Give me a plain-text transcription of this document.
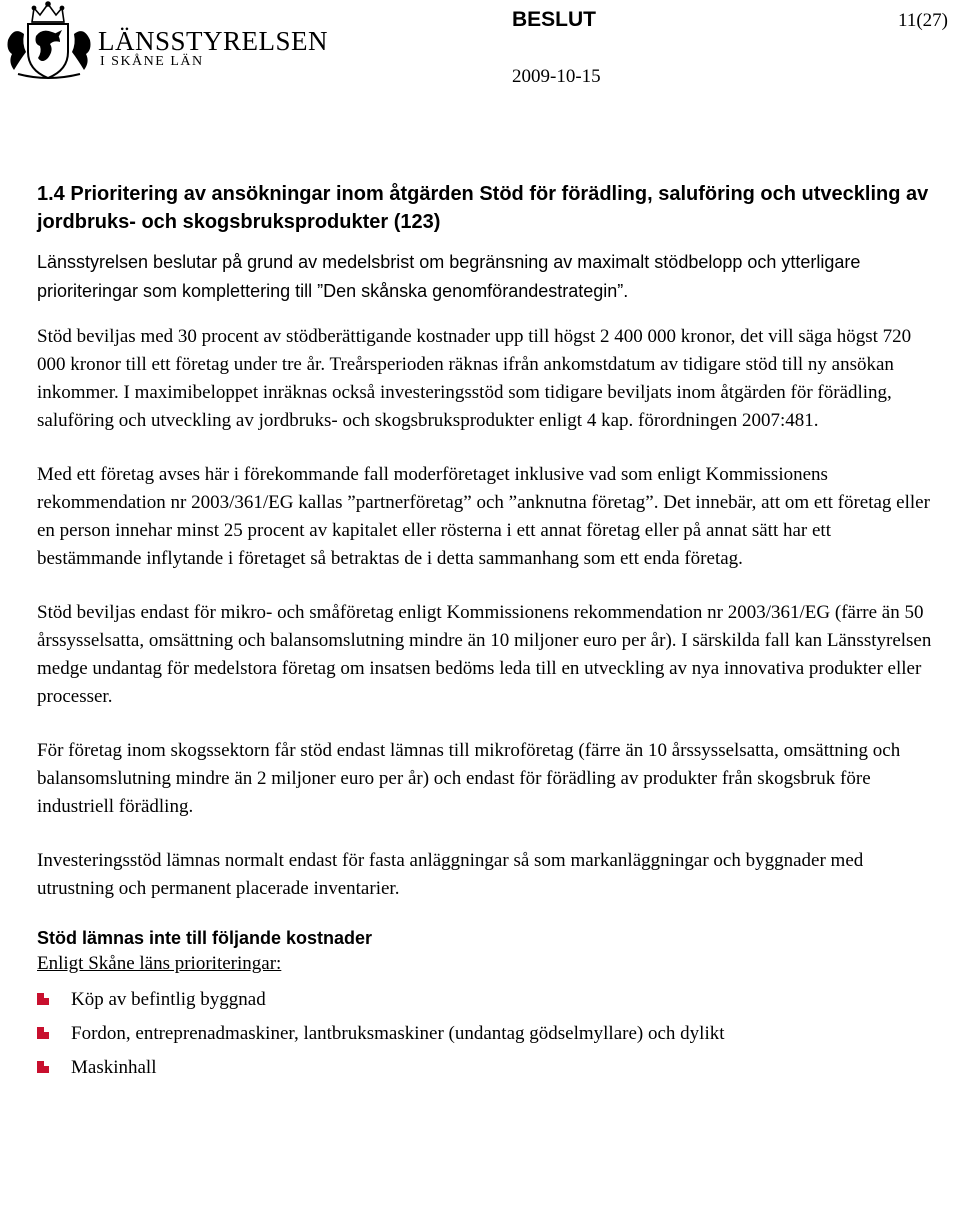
LÄNSSTYRELSEN
I SKÅNE LÄN
BESLUT	11(27)
2009-10-15
1.4 Prioritering av ansökningar inom åtgärden Stöd för förädling, saluföring och utveckling av jordbruks- och skogsbruksprodukter (123)

Länsstyrelsen beslutar på grund av medelsbrist om begränsning av maximalt stödbelopp och ytterligare prioriteringar som komplettering till ”Den skånska genomförandestrategin”.

Stöd beviljas med 30 procent av stödberättigande kostnader upp till högst 2 400 000 kronor, det vill säga högst 720 000 kronor till ett företag under tre år. Treårsperioden räknas ifrån ankomstdatum av tidigare stöd till ny ansökan inkommer. I maximibeloppet inräknas också investeringsstöd som tidigare beviljats inom åtgärden för förädling, saluföring och utveckling av jordbruks- och skogsbruksprodukter enligt 4 kap. förordningen 2007:481.

Med ett företag avses här i förekommande fall moderföretaget inklusive vad som enligt Kommissionens rekommendation nr 2003/361/EG kallas ”partnerföretag” och ”anknutna företag”. Det innebär, att om ett företag eller en person innehar minst 25 procent av kapitalet eller rösterna i ett annat företag eller på annat sätt har ett bestämmande inflytande i företaget så betraktas de i detta sammanhang som ett enda företag.

Stöd beviljas endast för mikro- och småföretag enligt Kommissionens rekommendation nr 2003/361/EG (färre än 50 årssysselsatta, omsättning och balansomslutning mindre än 10 miljoner euro per år). I särskilda fall kan Länsstyrelsen medge undantag för medelstora företag om insatsen bedöms leda till en utveckling av nya innovativa produkter eller processer.

För företag inom skogssektorn får stöd endast lämnas till mikroföretag (färre än 10 årssysselsatta, omsättning och balansomslutning mindre än 2 miljoner euro per år) och endast för förädling av produkter från skogsbruk före industriell förädling.

Investeringsstöd lämnas normalt endast för fasta anläggningar så som markanläggningar och byggnader med utrustning och permanent placerade inventarier.

Stöd lämnas inte till följande kostnader

Enligt Skåne läns prioriteringar:

Köp av befintlig byggnad
Fordon, entreprenadmaskiner, lantbruksmaskiner (undantag gödselmyllare) och dylikt
Maskinhall
